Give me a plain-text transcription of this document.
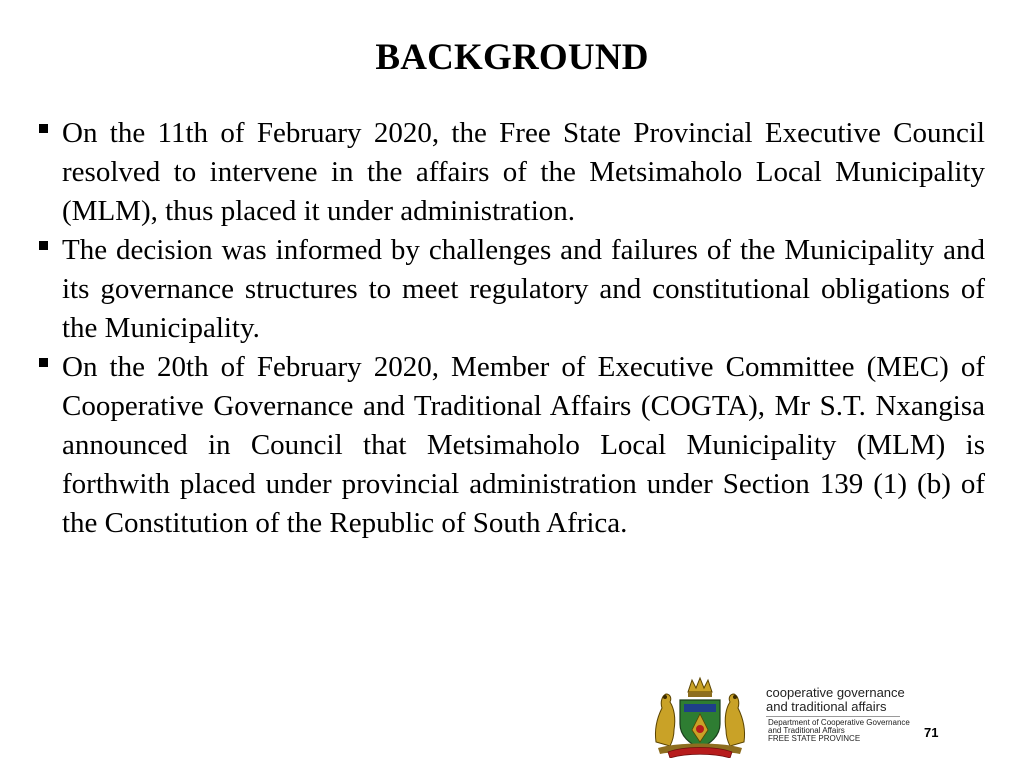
BACKGROUND
On the 11th of February 2020, the Free State Provincial Executive Council resolved to intervene in the affairs of the Metsimaholo Local Municipality (MLM), thus placed it under administration.
The decision was informed by challenges and failures of the Municipality and its governance structures to meet regulatory and constitutional obligations of the Municipality.
On the 20th of February 2020, Member of Executive Committee (MEC) of Cooperative Governance and Traditional Affairs (COGTA), Mr S.T. Nxangisa announced in Council that Metsimaholo Local Municipality (MLM) is forthwith placed under provincial administration under Section 139 (1) (b) of the Constitution of the Republic of South Africa.
cooperative governance
and traditional affairs
Department of Cooperative Governance
and Traditional Affairs
FREE STATE PROVINCE	71
